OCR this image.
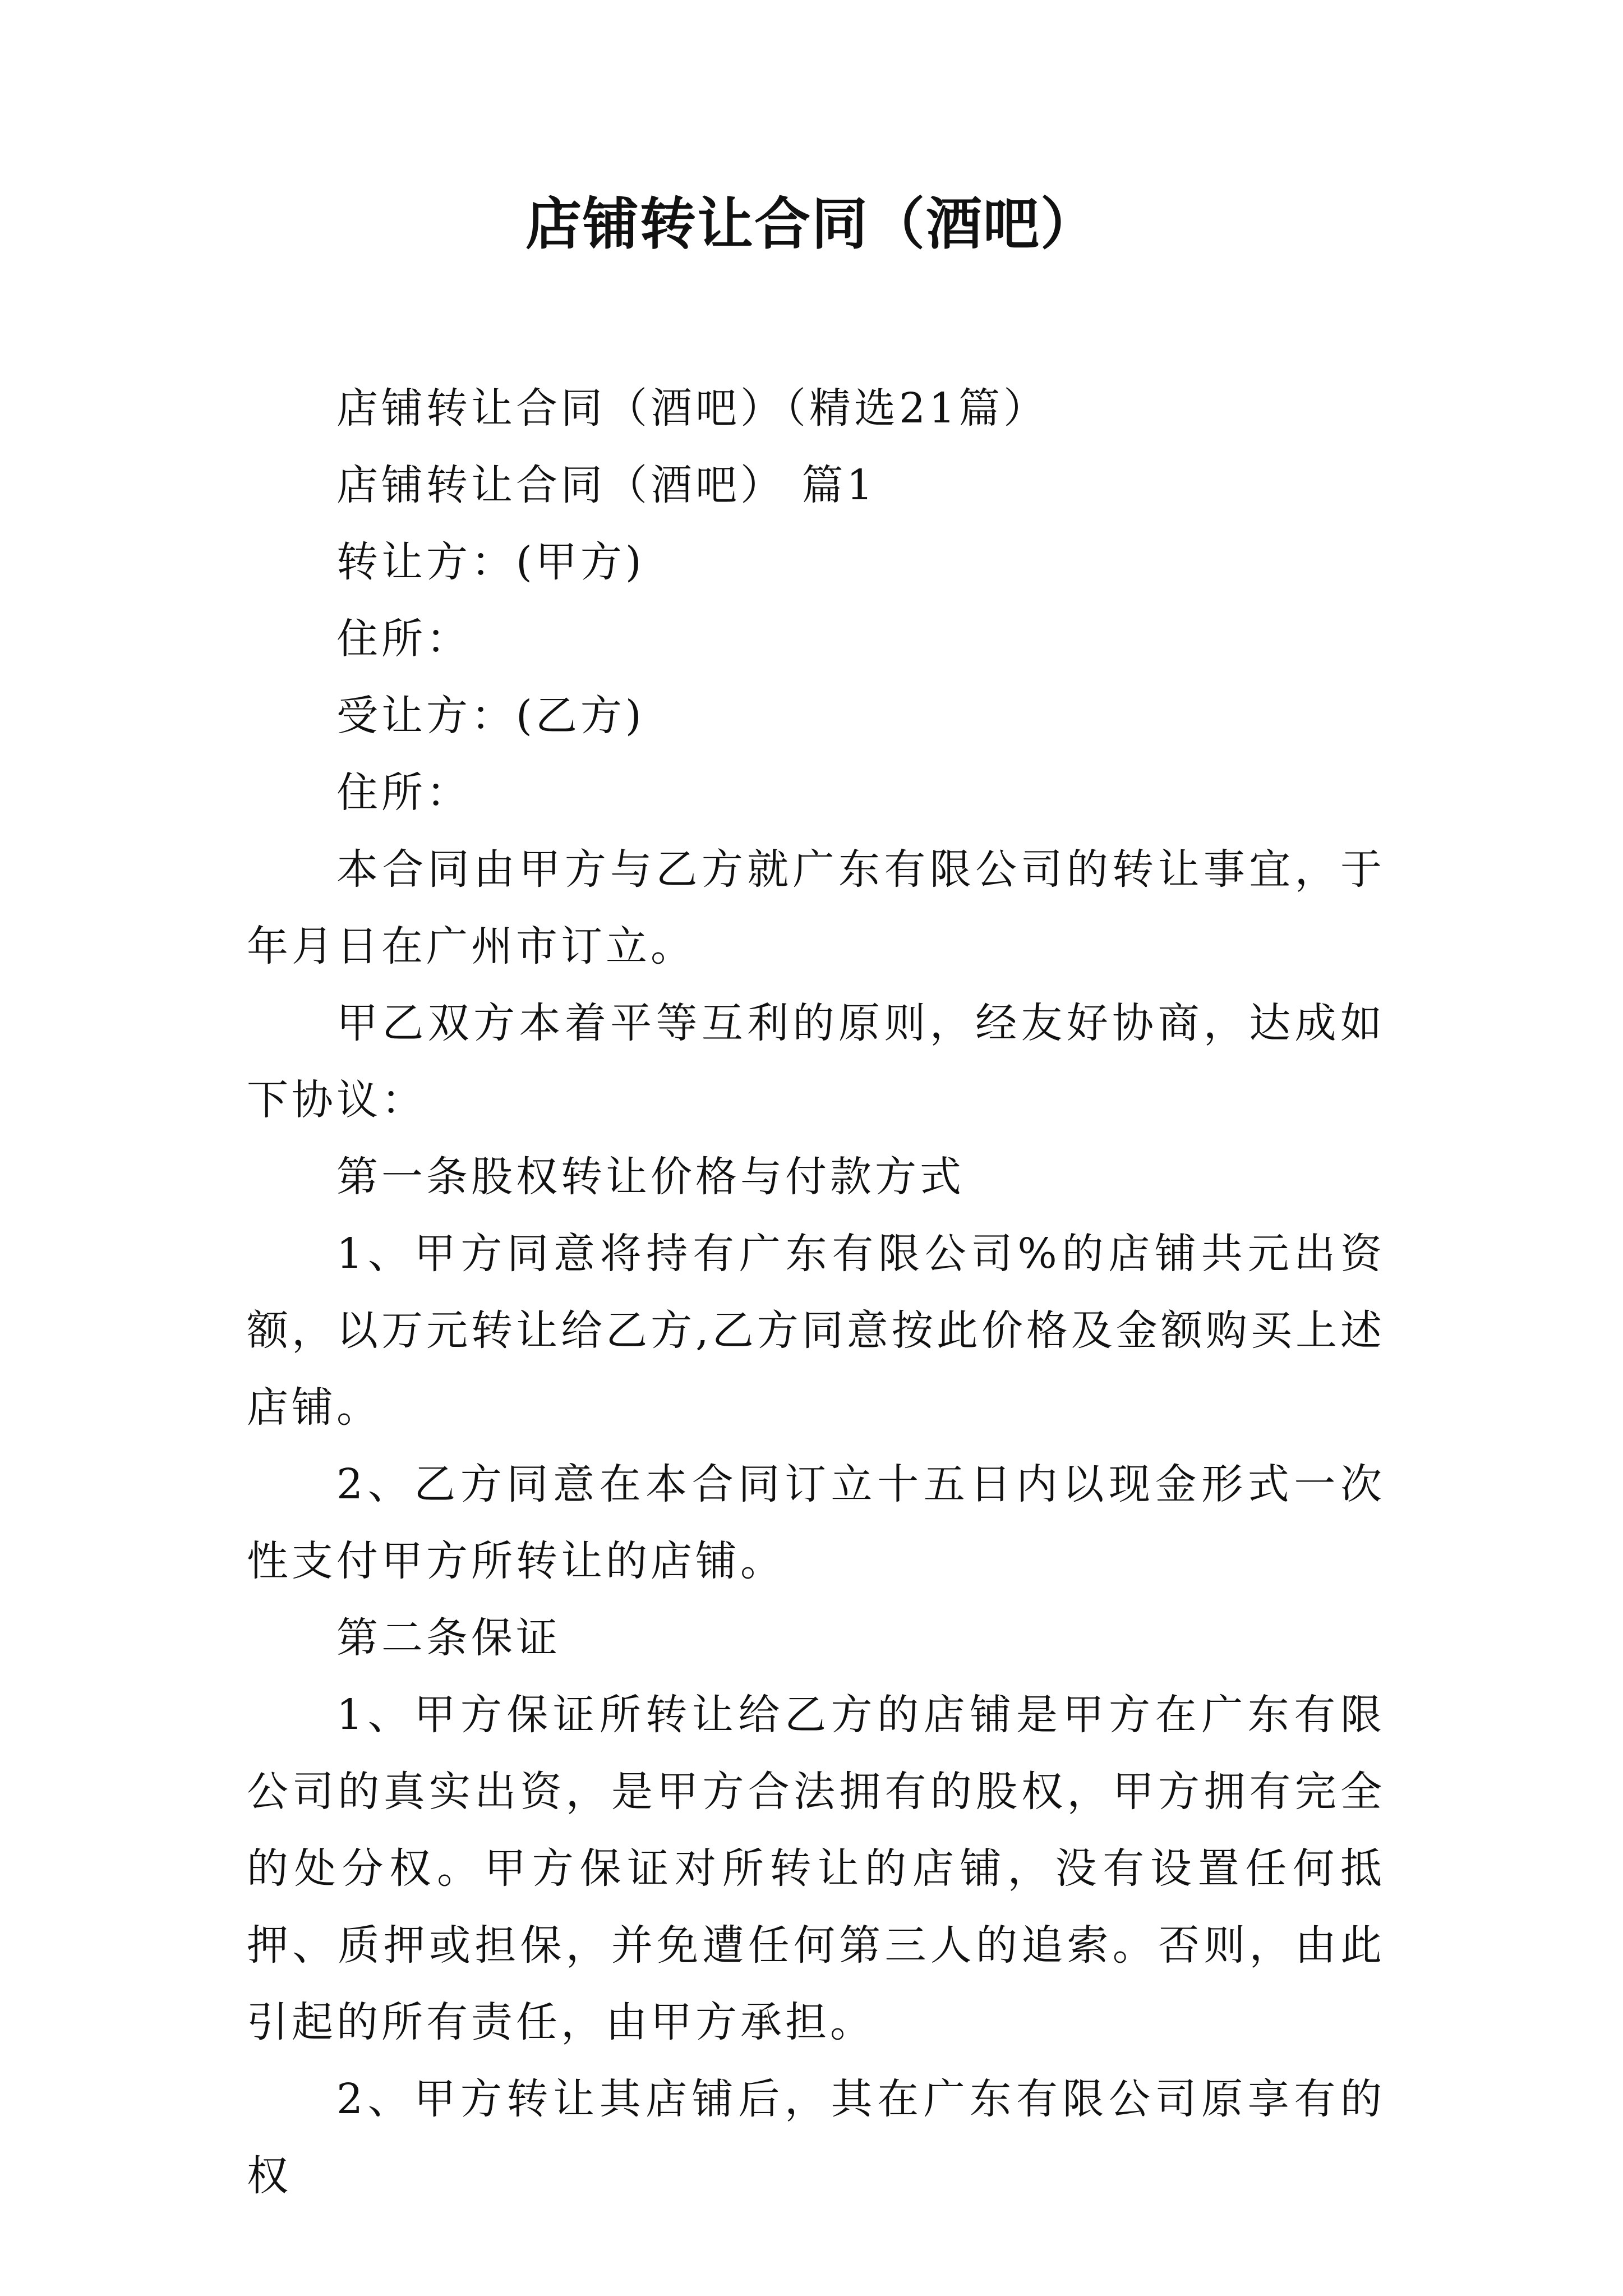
店铺转让合同（酒吧）

店铺转让合同（酒吧）（精选21篇）

店铺转让合同（酒吧） 篇1

转让方：(甲方)

住所：

受让方：(乙方)

住所：

本合同由甲方与乙方就广东有限公司的转让事宜，于年月日在广州市订立。

甲乙双方本着平等互利的原则，经友好协商，达成如下协议：

第一条股权转让价格与付款方式

1、甲方同意将持有广东有限公司%的店铺共元出资额，以万元转让给乙方,乙方同意按此价格及金额购买上述店铺。

2、乙方同意在本合同订立十五日内以现金形式一次性支付甲方所转让的店铺。

第二条保证

1、甲方保证所转让给乙方的店铺是甲方在广东有限公司的真实出资，是甲方合法拥有的股权，甲方拥有完全的处分权。甲方保证对所转让的店铺，没有设置任何抵押、质押或担保，并免遭任何第三人的追索。否则，由此引起的所有责任，由甲方承担。

2、甲方转让其店铺后，其在广东有限公司原享有的权
